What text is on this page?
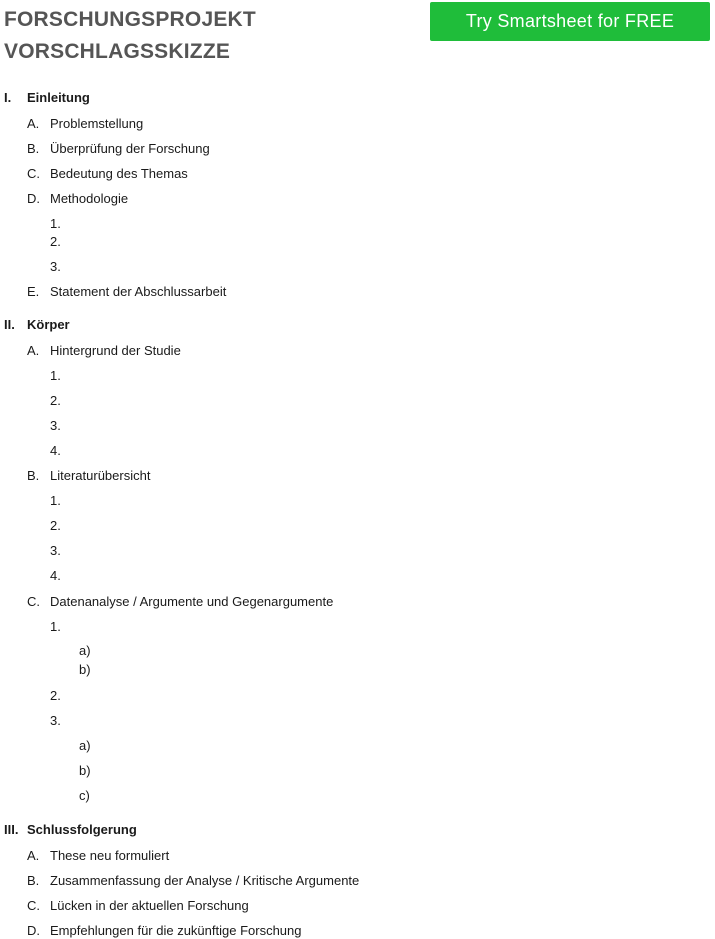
FORSCHUNGSPROJEKT
VORSCHLAGSSKIZZE
Try Smartsheet for FREE
I. Einleitung
A. Problemstellung
B. Überprüfung der Forschung
C. Bedeutung des Themas
D. Methodologie
1.
2.
3.
E. Statement der Abschlussarbeit
II. Körper
A. Hintergrund der Studie
1.
2.
3.
4.
B. Literaturübersicht
1.
2.
3.
4.
C. Datenanalyse / Argumente und Gegenargumente
1.
a)
b)
2.
3.
a)
b)
c)
III. Schlussfolgerung
A. These neu formuliert
B. Zusammenfassung der Analyse / Kritische Argumente
C. Lücken in der aktuellen Forschung
D. Empfehlungen für die zukünftige Forschung
